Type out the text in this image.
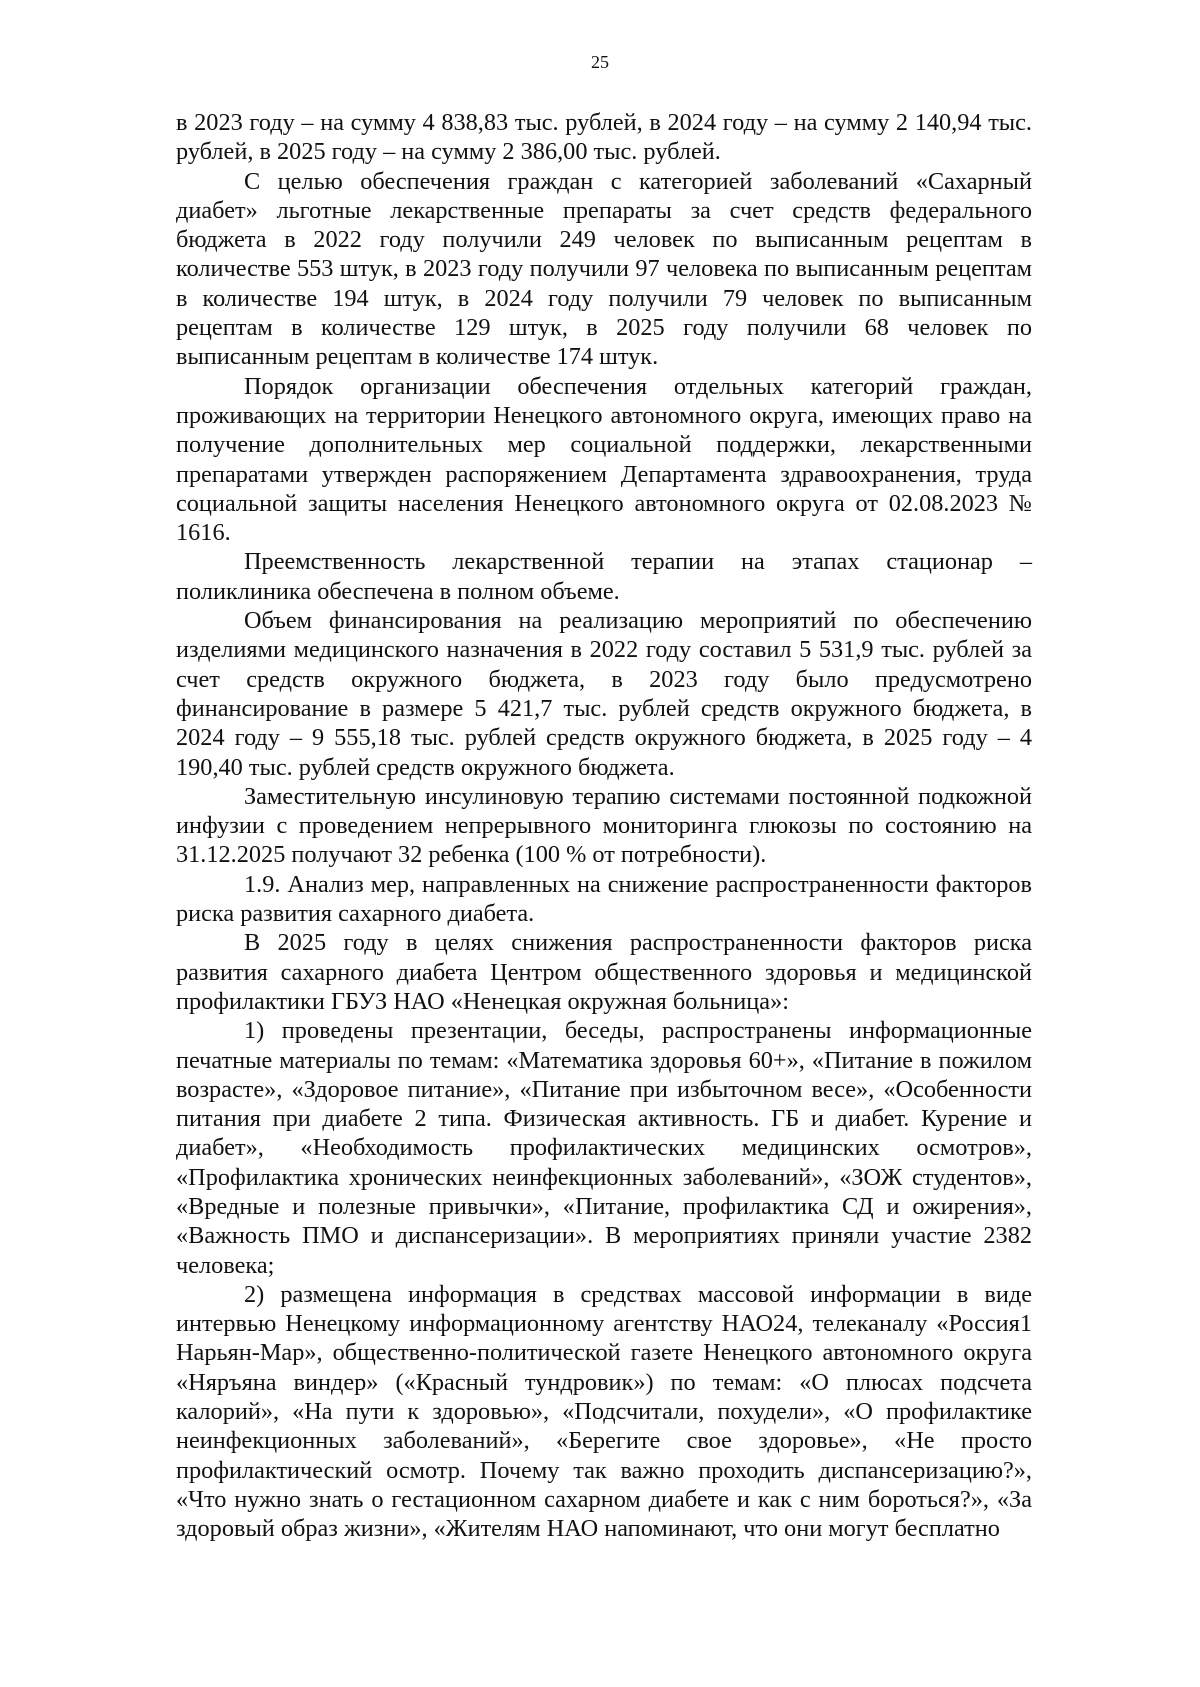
25

в 2023 году – на сумму 4 838,83 тыс. рублей, в 2024 году – на сумму 2 140,94 тыс. рублей, в 2025 году – на сумму 2 386,00 тыс. рублей.

С целью обеспечения граждан с категорией заболеваний «Сахарный диабет» льготные лекарственные препараты за счет средств федерального бюджета в 2022 году получили 249 человек по выписанным рецептам в количестве 553 штук, в 2023 году получили 97 человека по выписанным рецептам в количестве 194 штук, в 2024 году получили 79 человек по выписанным рецептам в количестве 129 штук, в 2025 году получили 68 человек по выписанным рецептам в количестве 174 штук.

Порядок организации обеспечения отдельных категорий граждан, проживающих на территории Ненецкого автономного округа, имеющих право на получение дополнительных мер социальной поддержки, лекарственными препаратами утвержден распоряжением Департамента здравоохранения, труда социальной защиты населения Ненецкого автономного округа от 02.08.2023 № 1616.

Преемственность лекарственной терапии на этапах стационар – поликлиника обеспечена в полном объеме.

Объем финансирования на реализацию мероприятий по обеспечению изделиями медицинского назначения в 2022 году составил 5 531,9 тыс. рублей за счет средств окружного бюджета, в 2023 году было предусмотрено финансирование в размере 5 421,7 тыс. рублей средств окружного бюджета, в 2024 году – 9 555,18 тыс. рублей средств окружного бюджета, в 2025 году – 4 190,40 тыс. рублей средств окружного бюджета.

Заместительную инсулиновую терапию системами постоянной подкожной инфузии с проведением непрерывного мониторинга глюкозы по состоянию на 31.12.2025 получают 32 ребенка (100 % от потребности).

1.9. Анализ мер, направленных на снижение распространенности факторов риска развития сахарного диабета.

В 2025 году в целях снижения распространенности факторов риска развития сахарного диабета Центром общественного здоровья и медицинской профилактики ГБУЗ НАО «Ненецкая окружная больница»:

1) проведены презентации, беседы, распространены информационные печатные материалы по темам: «Математика здоровья 60+», «Питание в пожилом возрасте», «Здоровое питание», «Питание при избыточном весе», «Особенности питания при диабете 2 типа. Физическая активность. ГБ и диабет. Курение и диабет», «Необходимость профилактических медицинских осмотров», «Профилактика хронических неинфекционных заболеваний», «ЗОЖ студентов», «Вредные и полезные привычки», «Питание, профилактика СД и ожирения», «Важность ПМО и диспансеризации». В мероприятиях приняли участие 2382 человека;

2) размещена информация в средствах массовой информации в виде интервью Ненецкому информационному агентству НАО24, телеканалу «Россия1 Нарьян-Мар», общественно-политической газете Ненецкого автономного округа «Няръяна виндер» («Красный тундровик») по темам: «О плюсах подсчета калорий», «На пути к здоровью», «Подсчитали, похудели», «О профилактике неинфекционных заболеваний», «Берегите свое здоровье», «Не просто профилактический осмотр. Почему так важно проходить диспансеризацию?», «Что нужно знать о гестационном сахарном диабете и как с ним бороться?», «За здоровый образ жизни», «Жителям НАО напоминают, что они могут бесплатно
